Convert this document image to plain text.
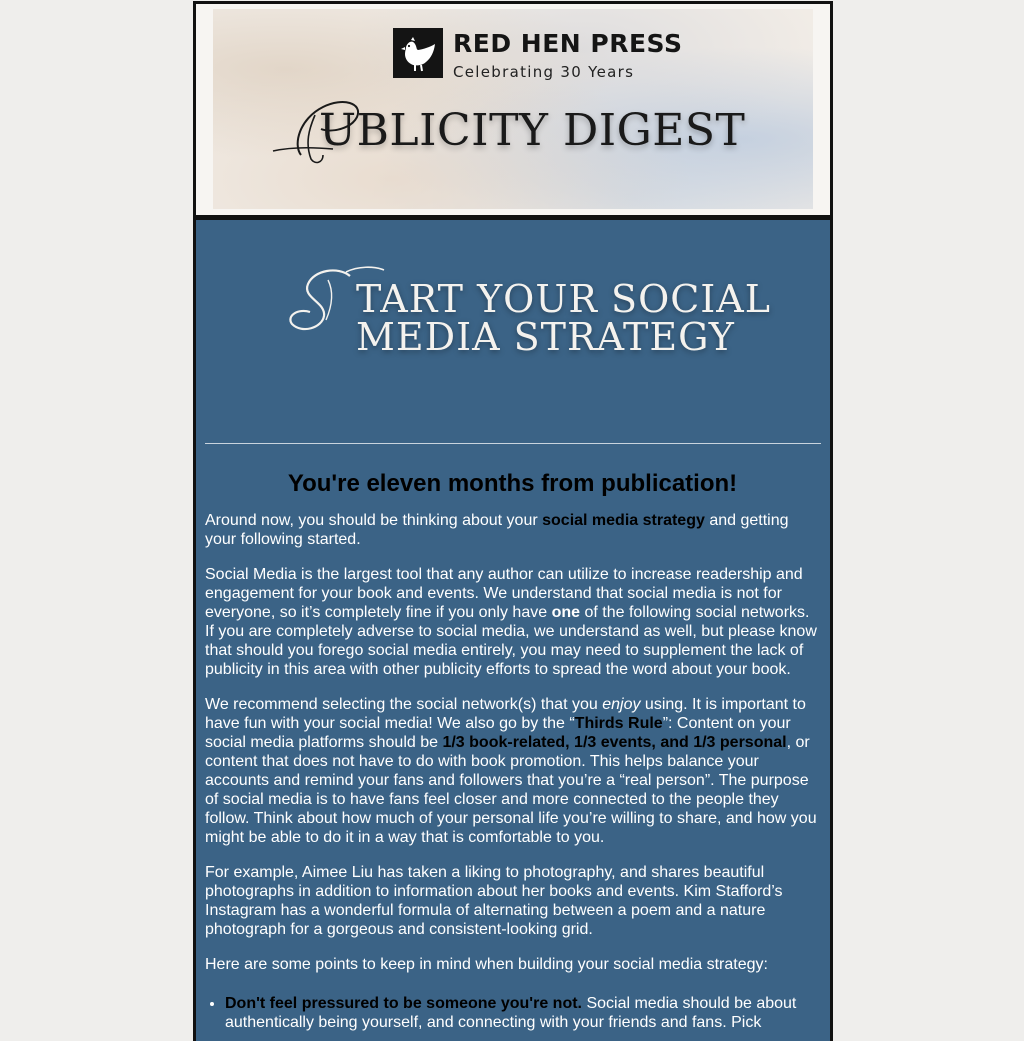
RED HEN PRESS
Celebrating 30 Years
UBLICITY DIGEST
TART YOUR SOCIAL
MEDIA STRATEGY
You're eleven months from publication!

Around now, you should be thinking about your social media strategy and getting your following started.

Social Media is the largest tool that any author can utilize to increase readership and engagement for your book and events. We understand that social media is not for everyone, so it’s completely fine if you only have one of the following social networks. If you are completely adverse to social media, we understand as well, but please know that should you forego social media entirely, you may need to supplement the lack of publicity in this area with other publicity efforts to spread the word about your book.

We recommend selecting the social network(s) that you enjoy using. It is important to have fun with your social media! We also go by the “Thirds Rule”: Content on your social media platforms should be 1/3 book-related, 1/3 events, and 1/3 personal, or content that does not have to do with book promotion. This helps balance your accounts and remind your fans and followers that you’re a “real person”. The purpose of social media is to have fans feel closer and more connected to the people they follow. Think about how much of your personal life you’re willing to share, and how you might be able to do it in a way that is comfortable to you.

For example, Aimee Liu has taken a liking to photography, and shares beautiful photographs in addition to information about her books and events. Kim Stafford’s Instagram has a wonderful formula of alternating between a poem and a nature photograph for a gorgeous and consistent-looking grid.

Here are some points to keep in mind when building your social media strategy:

• Don't feel pressured to be someone you're not. Social media should be about authentically being yourself, and connecting with your friends and fans. Pick
